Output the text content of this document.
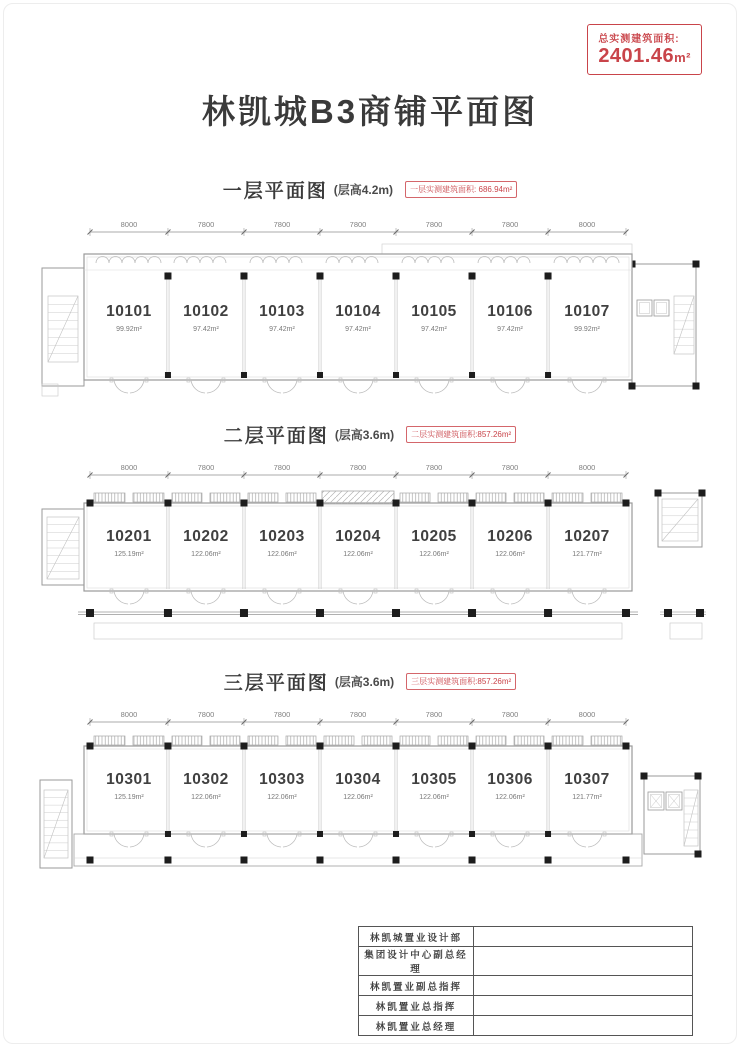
总实测建筑面积:
2401.46m²
林凯城B3商铺平面图
一层平面图 (层高4.2m)	一层实测建筑面积: 686.94m²
8000	7800	7800	7800	7800	7800	8000
10101
99.92m²
10102
97.42m²
10103
97.42m²
10104
97.42m²
10105
97.42m²
10106
97.42m²
10107
99.92m²
二层平面图 (层高3.6m)	二层实测建筑面积:857.26m²
8000	7800	7800	7800	7800	7800	8000
10201
125.19m²
10202
122.06m²
10203
122.06m²
10204
122.06m²
10205
122.06m²
10206
122.06m²
10207
121.77m²
三层平面图 (层高3.6m)	三层实测建筑面积:857.26m²
8000	7800	7800	7800	7800	7800	8000
10301
125.19m²
10302
122.06m²
10303
122.06m²
10304
122.06m²
10305
122.06m²
10306
122.06m²
10307
121.77m²
林凯城置业设计部	
集团设计中心副总经理	
林凯置业副总指挥	
林凯置业总指挥	
林凯置业总经理	
